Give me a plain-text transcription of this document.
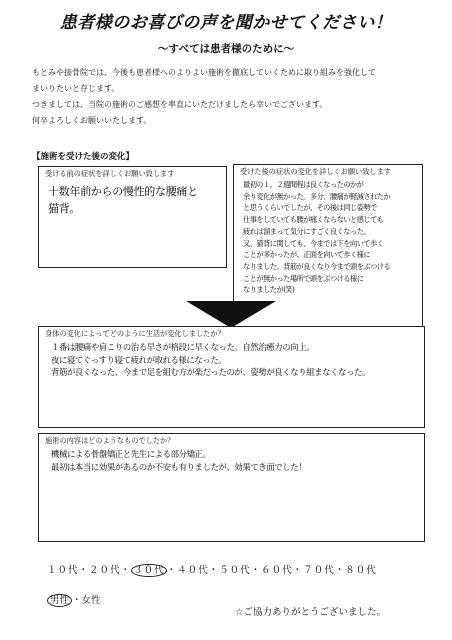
患者様のお喜びの声を聞かせてください！
〜すべては患者様のために〜

もとみや接骨院では、今後も患者様へのよりよい施術を徹底していくために取り組みを強化して

まいりたいと存じます。

つきましては、当院の施術のご感想を率直にいただけましたら幸いでございます。

何卒よろしくお願いいたします。

【施術を受けた後の変化】
受ける前の症状を詳しくお願い致します

十数年前からの慢性的な腰痛と

猫背。

受けた後の症状の変化を詳しくお願い致します

最初の１，２週間程は良くなったのかが

余り変化が無かった。多分、腰痛が軽減されたか

と思うくらいでしたが、その後は同じ姿勢で

仕事をしていても腰が痛くならないと感じても

疲れは溜まって気分にすごく良くなった。

又、猫背に関しても、今までは下を向いて歩く

ことが多かったが、正面を向いて歩く様に

なりました。背筋が良くなり今まで頭をぶつける

ことが無かった場所で頭をぶつける様に

なりましたが(笑)

身体の変化によってどのように生活が変化しましたか？

１番は腰痛や肩こりの治る早さが格段に早くなった。自然治癒力の向上。

夜に寝てぐっすり寝て疲れが取れる様になった。

背筋が良くなった、今まで足を組む方が楽だったのが、姿勢が良くなり組まなくなった。

施術の内容はどのようなものでしたか？

機械による骨盤矯正と先生による部分矯正。

最初は本当に効果があるのか不安も有りましたが、効果てき面でした！

１０代・２０代・ ３０代 ・４０代・５０代・６０代・７０代・８０代
男性 ・女性
☆ご協力ありがとうございました。
